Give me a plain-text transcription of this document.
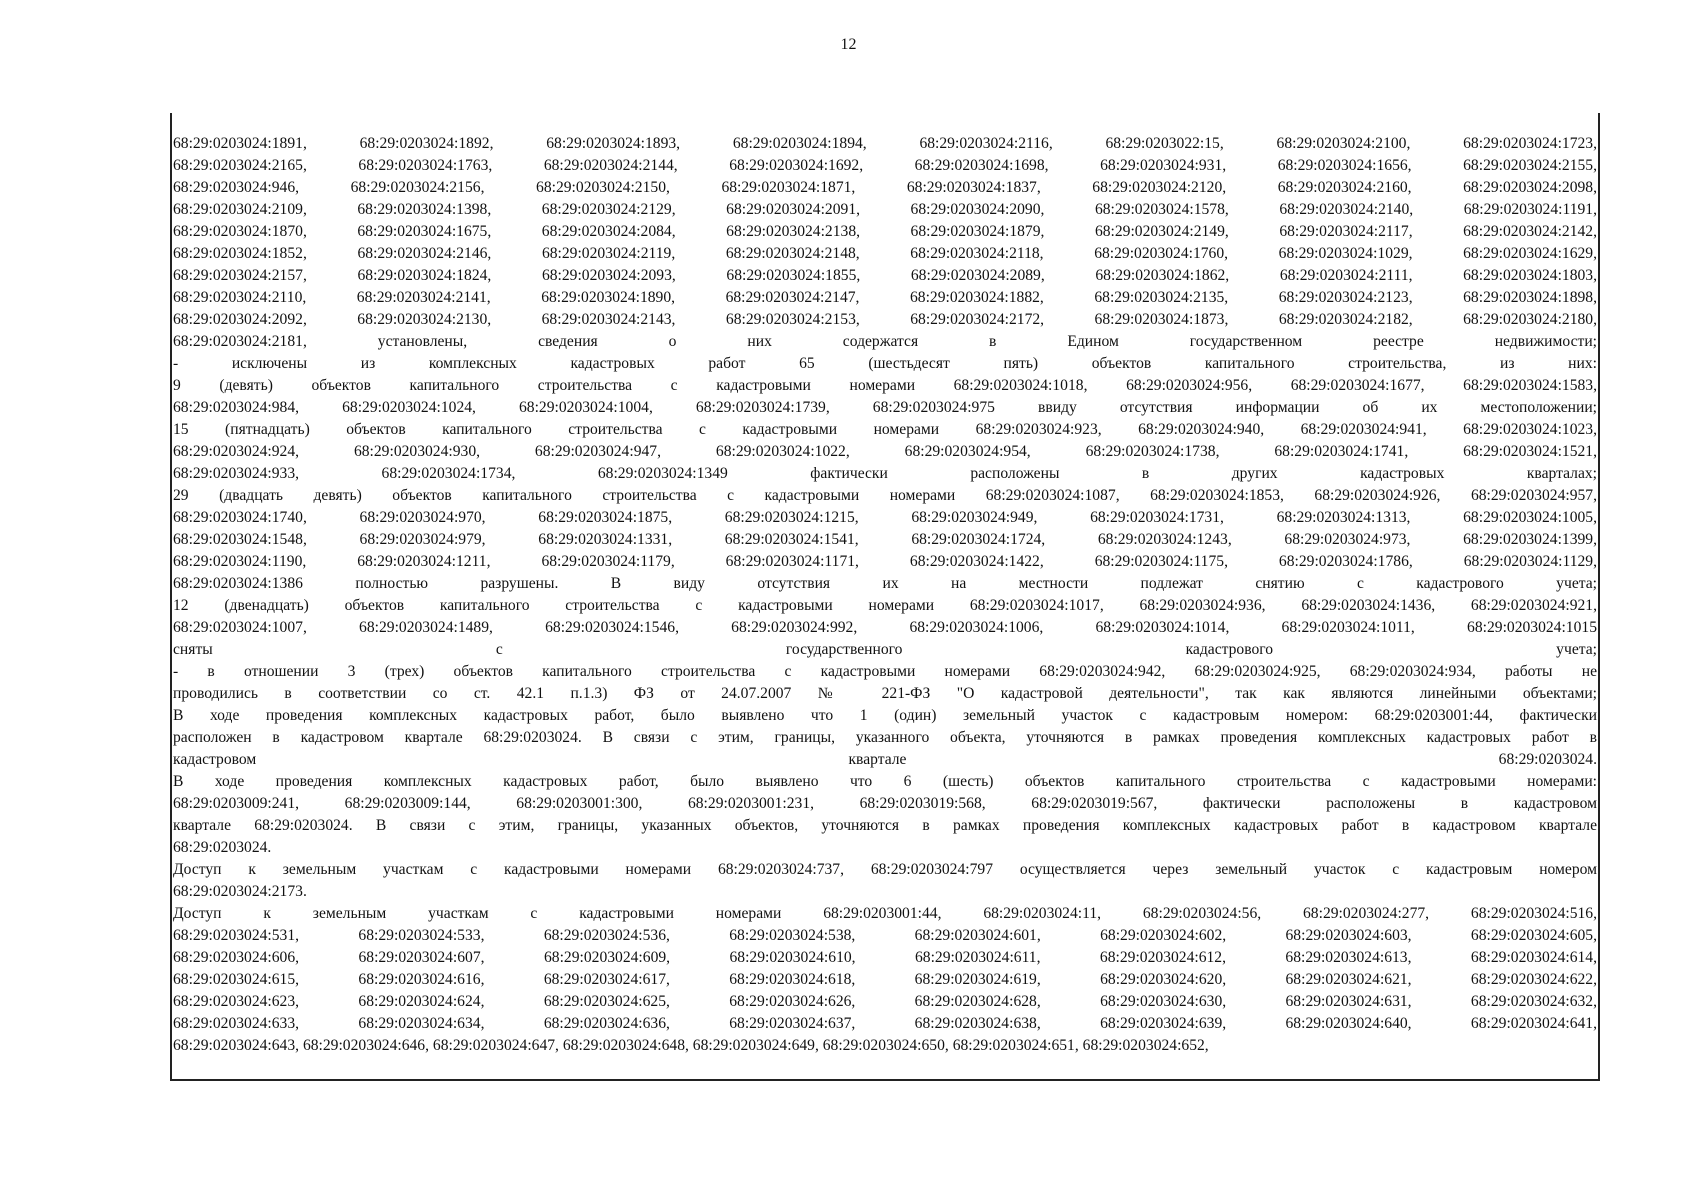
12
68:29:0203024:1891, 68:29:0203024:1892, 68:29:0203024:1893, 68:29:0203024:1894, 68:29:0203024:2116, 68:29:0203022:15, 68:29:0203024:2100, 68:29:0203024:1723,
68:29:0203024:2165, 68:29:0203024:1763, 68:29:0203024:2144, 68:29:0203024:1692, 68:29:0203024:1698, 68:29:0203024:931, 68:29:0203024:1656, 68:29:0203024:2155,
68:29:0203024:946, 68:29:0203024:2156, 68:29:0203024:2150, 68:29:0203024:1871, 68:29:0203024:1837, 68:29:0203024:2120, 68:29:0203024:2160, 68:29:0203024:2098,
68:29:0203024:2109, 68:29:0203024:1398, 68:29:0203024:2129, 68:29:0203024:2091, 68:29:0203024:2090, 68:29:0203024:1578, 68:29:0203024:2140, 68:29:0203024:1191,
68:29:0203024:1870, 68:29:0203024:1675, 68:29:0203024:2084, 68:29:0203024:2138, 68:29:0203024:1879, 68:29:0203024:2149, 68:29:0203024:2117, 68:29:0203024:2142,
68:29:0203024:1852, 68:29:0203024:2146, 68:29:0203024:2119, 68:29:0203024:2148, 68:29:0203024:2118, 68:29:0203024:1760, 68:29:0203024:1029, 68:29:0203024:1629,
68:29:0203024:2157, 68:29:0203024:1824, 68:29:0203024:2093, 68:29:0203024:1855, 68:29:0203024:2089, 68:29:0203024:1862, 68:29:0203024:2111, 68:29:0203024:1803,
68:29:0203024:2110, 68:29:0203024:2141, 68:29:0203024:1890, 68:29:0203024:2147, 68:29:0203024:1882, 68:29:0203024:2135, 68:29:0203024:2123, 68:29:0203024:1898,
68:29:0203024:2092, 68:29:0203024:2130, 68:29:0203024:2143, 68:29:0203024:2153, 68:29:0203024:2172, 68:29:0203024:1873, 68:29:0203024:2182, 68:29:0203024:2180,
68:29:0203024:2181, установлены, сведения о них содержатся в Едином государственном реестре недвижимости;
- исключены из комплексных кадастровых работ 65 (шестьдесят пять) объектов капитального строительства, из них:
9 (девять) объектов капитального строительства с кадастровыми номерами 68:29:0203024:1018, 68:29:0203024:956, 68:29:0203024:1677, 68:29:0203024:1583,
68:29:0203024:984, 68:29:0203024:1024, 68:29:0203024:1004, 68:29:0203024:1739, 68:29:0203024:975 ввиду отсутствия информации об их местоположении;
15 (пятнадцать) объектов капитального строительства с кадастровыми номерами 68:29:0203024:923, 68:29:0203024:940, 68:29:0203024:941, 68:29:0203024:1023,
68:29:0203024:924, 68:29:0203024:930, 68:29:0203024:947, 68:29:0203024:1022, 68:29:0203024:954, 68:29:0203024:1738, 68:29:0203024:1741, 68:29:0203024:1521,
68:29:0203024:933, 68:29:0203024:1734, 68:29:0203024:1349 фактически расположены в других кадастровых кварталах;
29 (двадцать девять) объектов капитального строительства с кадастровыми номерами 68:29:0203024:1087, 68:29:0203024:1853, 68:29:0203024:926, 68:29:0203024:957,
68:29:0203024:1740, 68:29:0203024:970, 68:29:0203024:1875, 68:29:0203024:1215, 68:29:0203024:949, 68:29:0203024:1731, 68:29:0203024:1313, 68:29:0203024:1005,
68:29:0203024:1548, 68:29:0203024:979, 68:29:0203024:1331, 68:29:0203024:1541, 68:29:0203024:1724, 68:29:0203024:1243, 68:29:0203024:973, 68:29:0203024:1399,
68:29:0203024:1190, 68:29:0203024:1211, 68:29:0203024:1179, 68:29:0203024:1171, 68:29:0203024:1422, 68:29:0203024:1175, 68:29:0203024:1786, 68:29:0203024:1129,
68:29:0203024:1386 полностью разрушены. В виду отсутствия их на местности подлежат снятию с кадастрового учета;
12 (двенадцать) объектов капитального строительства с кадастровыми номерами 68:29:0203024:1017, 68:29:0203024:936, 68:29:0203024:1436, 68:29:0203024:921,
68:29:0203024:1007, 68:29:0203024:1489, 68:29:0203024:1546, 68:29:0203024:992, 68:29:0203024:1006, 68:29:0203024:1014, 68:29:0203024:1011, 68:29:0203024:1015
сняты с государственного кадастрового учета;
- в отношении 3 (трех) объектов капитального строительства с кадастровыми номерами 68:29:0203024:942, 68:29:0203024:925, 68:29:0203024:934, работы не
проводились в соответствии со ст. 42.1 п.1.3) ФЗ от 24.07.2007 № 221-ФЗ "О кадастровой деятельности", так как являются линейными объектами;
В ходе проведения комплексных кадастровых работ, было выявлено что 1 (один) земельный участок с кадастровым номером: 68:29:0203001:44, фактически
расположен в кадастровом квартале 68:29:0203024. В связи с этим, границы, указанного объекта, уточняются в рамках проведения комплексных кадастровых работ в
кадастровом квартале 68:29:0203024.
В ходе проведения комплексных кадастровых работ, было выявлено что 6 (шесть) объектов капитального строительства с кадастровыми номерами:
68:29:0203009:241, 68:29:0203009:144, 68:29:0203001:300, 68:29:0203001:231, 68:29:0203019:568, 68:29:0203019:567, фактически расположены в кадастровом
квартале 68:29:0203024. В связи с этим, границы, указанных объектов, уточняются в рамках проведения комплексных кадастровых работ в кадастровом квартале
68:29:0203024.
Доступ к земельным участкам с кадастровыми номерами 68:29:0203024:737, 68:29:0203024:797 осуществляется через земельный участок с кадастровым номером
68:29:0203024:2173.
Доступ к земельным участкам с кадастровыми номерами 68:29:0203001:44, 68:29:0203024:11, 68:29:0203024:56, 68:29:0203024:277, 68:29:0203024:516,
68:29:0203024:531, 68:29:0203024:533, 68:29:0203024:536, 68:29:0203024:538, 68:29:0203024:601, 68:29:0203024:602, 68:29:0203024:603, 68:29:0203024:605,
68:29:0203024:606, 68:29:0203024:607, 68:29:0203024:609, 68:29:0203024:610, 68:29:0203024:611, 68:29:0203024:612, 68:29:0203024:613, 68:29:0203024:614,
68:29:0203024:615, 68:29:0203024:616, 68:29:0203024:617, 68:29:0203024:618, 68:29:0203024:619, 68:29:0203024:620, 68:29:0203024:621, 68:29:0203024:622,
68:29:0203024:623, 68:29:0203024:624, 68:29:0203024:625, 68:29:0203024:626, 68:29:0203024:628, 68:29:0203024:630, 68:29:0203024:631, 68:29:0203024:632,
68:29:0203024:633, 68:29:0203024:634, 68:29:0203024:636, 68:29:0203024:637, 68:29:0203024:638, 68:29:0203024:639, 68:29:0203024:640, 68:29:0203024:641,
68:29:0203024:643, 68:29:0203024:646, 68:29:0203024:647, 68:29:0203024:648, 68:29:0203024:649, 68:29:0203024:650, 68:29:0203024:651, 68:29:0203024:652,
